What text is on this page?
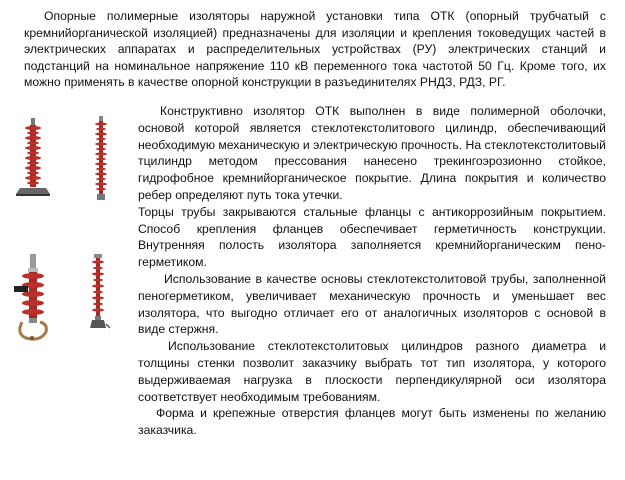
Опорные полимерные изоляторы наружной установки типа ОТК (опорный трубчатый с кремнийорганической изоляцией) предназначены для изоляции и крепления токоведущих частей в электрических аппаратах и распределительных устройствах (РУ) электрических станций и подстанций на номинальное напряжение 110 кВ переменного тока частотой 50 Гц. Кроме того, их можно применять в качестве опорной конструкции в разъединителях РНДЗ, РДЗ, РГ.

Конструктивно изолятор ОТК выполнен в виде полимерной оболочки, основой которой является стеклотекстолитового цилиндр, обеспечивающий необходимую механическую и электрическую прочность. На стеклотекстолитовый тцилиндр методом прессования нанесено трекингоэрозионно стойкое, гидрофобное кремнийорганическое покрытие. Длина покрытия и количество ребер определяют путь тока утечки.

Торцы трубы закрываются стальные фланцы с антикоррозийным покрытием. Способ крепления фланцев обеспечивает герметичность конструкции. Внутренняя полость изолятора заполняется кремнийорганическим пено-герметиком.

Использование в качестве основы стеклотекстолитовой трубы, заполненной пеногерметиком, увеличивает механическую прочность и уменьшает вес изолятора, что выгодно отличает его от аналогичных изоляторов с основой в виде стержня.

Использование стеклотекстолитовых цилиндров разного диаметра и толщины стенки позволит заказчику выбрать тот тип изолятора, у которого выдерживаемая нагрузка в плоскости перпендикулярной оси изолятора соответствует необходимым требованиям.

Форма и крепежные отверстия фланцев могут быть изменены по желанию заказчика.
